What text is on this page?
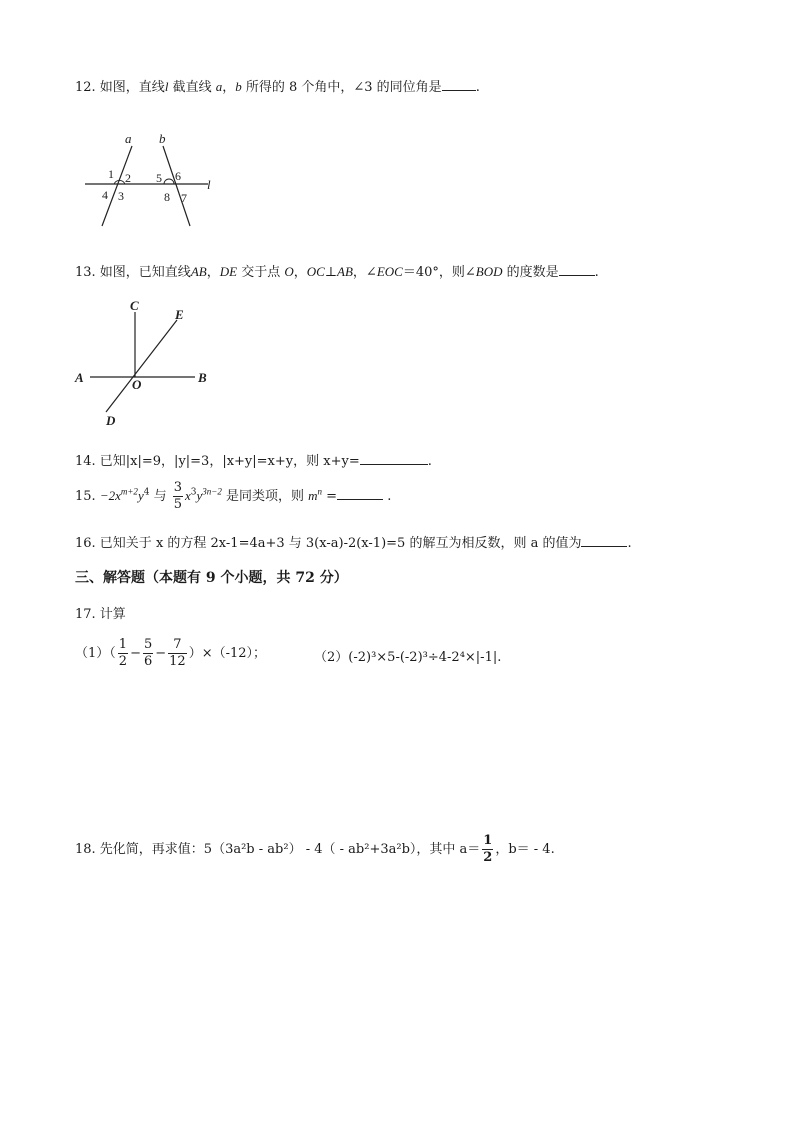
12. 如图，直线l 截直线 a，b 所得的 8 个角中，∠3 的同位角是	.
a b
l
1 2
4 3
5 6
8 7
13. 如图，已知直线AB，DE 交于点 O，OC⊥AB，∠EOC＝40°，则∠BOD 的度数是	.
C
E
A	O	B
D
14. 已知|x|=9，|y|=3，|x+y|=x+y，则 x+y=	.
15. $-2x^{m+2}y^4$ 与 $\frac{3}{5} x^3y^{3n-2}$ 是同类项，则 $m^n$ =	.
16. 已知关于 x 的方程 2x-1=4a+3 与 3(x-a)-2(x-1)=5 的解互为相反数，则 a 的值为	.
三、解答题（本题有 9 个小题，共 72 分）
17. 计算
$(1)( \frac{1}{2} - \frac{5}{6} - \frac{7}{12} )\times(-12)$；	（2）(-2)³×5-(-2)³÷4-2⁴×|-1|.
18. 先化简，再求值：5（3a²b - ab²） - 4（ - ab²+3a²b），其中 $a= \frac{1}{2}$ ，b＝ - 4.
